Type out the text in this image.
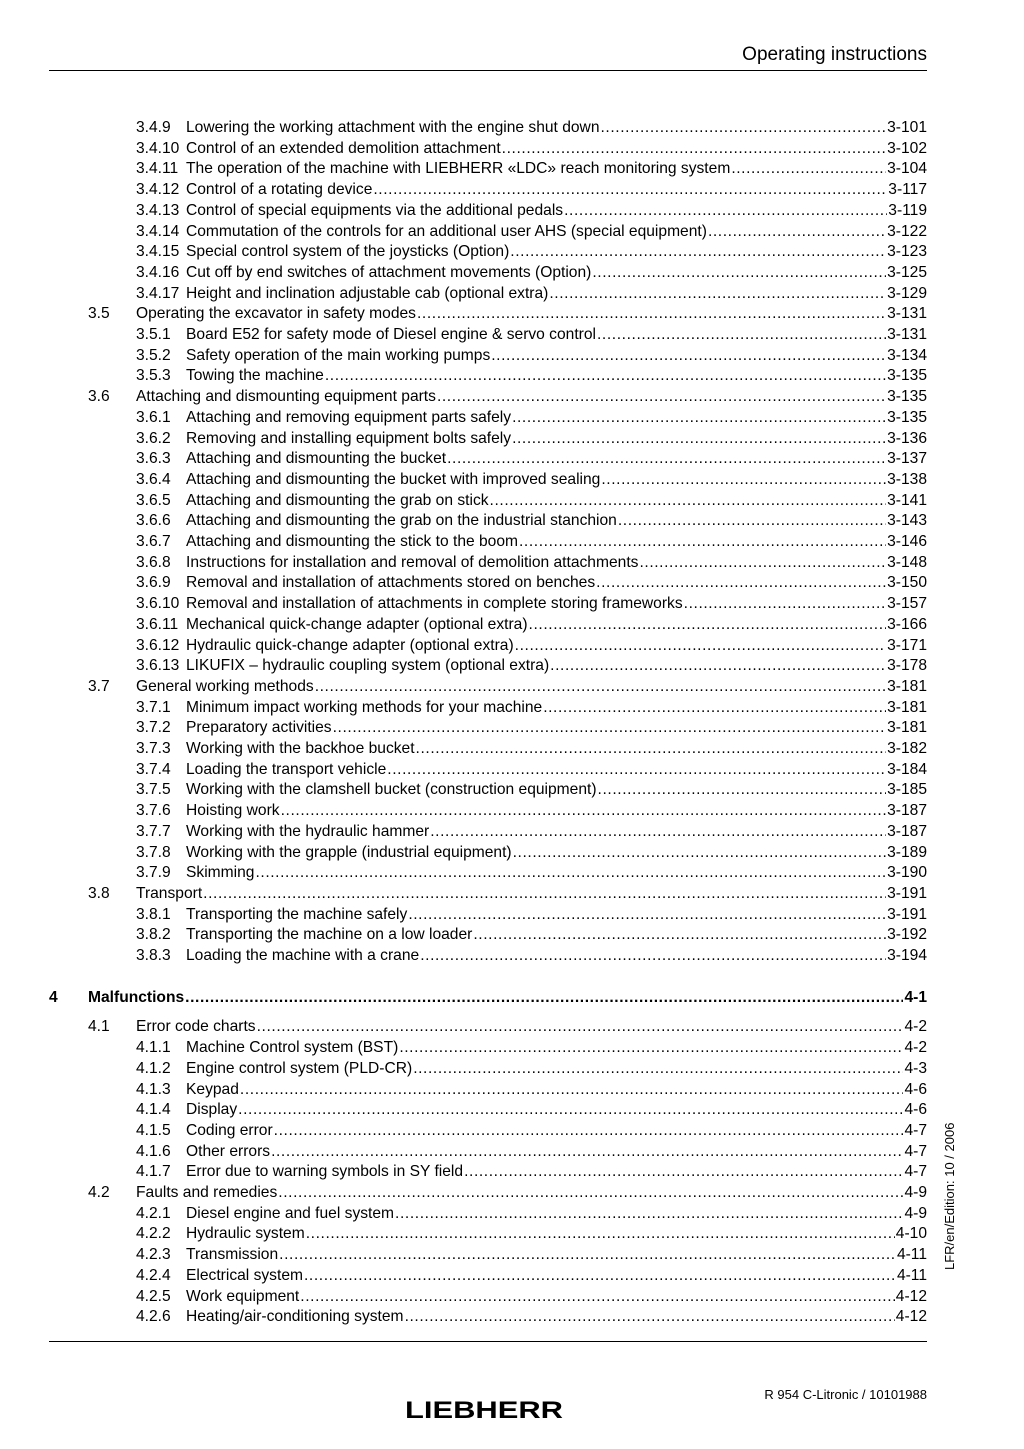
Operating instructions
3.4.9 Lowering the working attachment with the engine shut down .....	3-101
3.4.10 Control of an extended demolition attachment .....	3-102
3.4.11 The operation of the machine with LIEBHERR «LDC» reach monitoring system .....	3-104
3.4.12 Control of a rotating device .....	3-117
3.4.13 Control of special equipments via the additional pedals .....	3-119
3.4.14 Commutation of the controls for an additional user AHS (special equipment) .....	3-122
3.4.15 Special control system of the joysticks (Option) .....	3-123
3.4.16 Cut off by end switches of attachment movements (Option) .....	3-125
3.4.17 Height and inclination adjustable cab (optional extra) .....	3-129
3.5 Operating the excavator in safety modes .....	3-131
3.5.1 Board E52 for safety mode of Diesel engine & servo control .....	3-131
3.5.2 Safety operation of the main working pumps .....	3-134
3.5.3 Towing the machine .....	3-135
3.6 Attaching and dismounting equipment parts .....	3-135
3.6.1 Attaching and removing equipment parts safely .....	3-135
3.6.2 Removing and installing equipment bolts safely .....	3-136
3.6.3 Attaching and dismounting the bucket .....	3-137
3.6.4 Attaching and dismounting the bucket with improved sealing .....	3-138
3.6.5 Attaching and dismounting the grab on stick .....	3-141
3.6.6 Attaching and dismounting the grab on the industrial stanchion .....	3-143
3.6.7 Attaching and dismounting the stick to the boom .....	3-146
3.6.8 Instructions for installation and removal of demolition attachments .....	3-148
3.6.9 Removal and installation of attachments stored on benches .....	3-150
3.6.10 Removal and installation of attachments in complete storing frameworks .....	3-157
3.6.11 Mechanical quick-change adapter (optional extra) .....	3-166
3.6.12 Hydraulic quick-change adapter (optional extra) .....	3-171
3.6.13 LIKUFIX – hydraulic coupling system (optional extra) .....	3-178
3.7 General working methods .....	3-181
3.7.1 Minimum impact working methods for your machine .....	3-181
3.7.2 Preparatory activities .....	3-181
3.7.3 Working with the backhoe bucket .....	3-182
3.7.4 Loading the transport vehicle .....	3-184
3.7.5 Working with the clamshell bucket (construction equipment) .....	3-185
3.7.6 Hoisting work .....	3-187
3.7.7 Working with the hydraulic hammer .....	3-187
3.7.8 Working with the grapple (industrial equipment) .....	3-189
3.7.9 Skimming .....	3-190
3.8 Transport .....	3-191
3.8.1 Transporting the machine safely .....	3-191
3.8.2 Transporting the machine on a low loader .....	3-192
3.8.3 Loading the machine with a crane .....	3-194
4 Malfunctions .....	4-1
4.1 Error code charts .....	4-2
4.1.1 Machine Control system (BST) .....	4-2
4.1.2 Engine control system (PLD-CR) .....	4-3
4.1.3 Keypad .....	4-6
4.1.4 Display .....	4-6
4.1.5 Coding error .....	4-7
4.1.6 Other errors .....	4-7
4.1.7 Error due to warning symbols in SY field .....	4-7
4.2 Faults and remedies .....	4-9
4.2.1 Diesel engine and fuel system .....	4-9
4.2.2 Hydraulic system .....	4-10
4.2.3 Transmission .....	4-11
4.2.4 Electrical system .....	4-11
4.2.5 Work equipment .....	4-12
4.2.6 Heating/air-conditioning system .....	4-12
LFR/en/Edition: 10 / 2006
R 954 C-Litronic / 10101988
LIEBHERR
